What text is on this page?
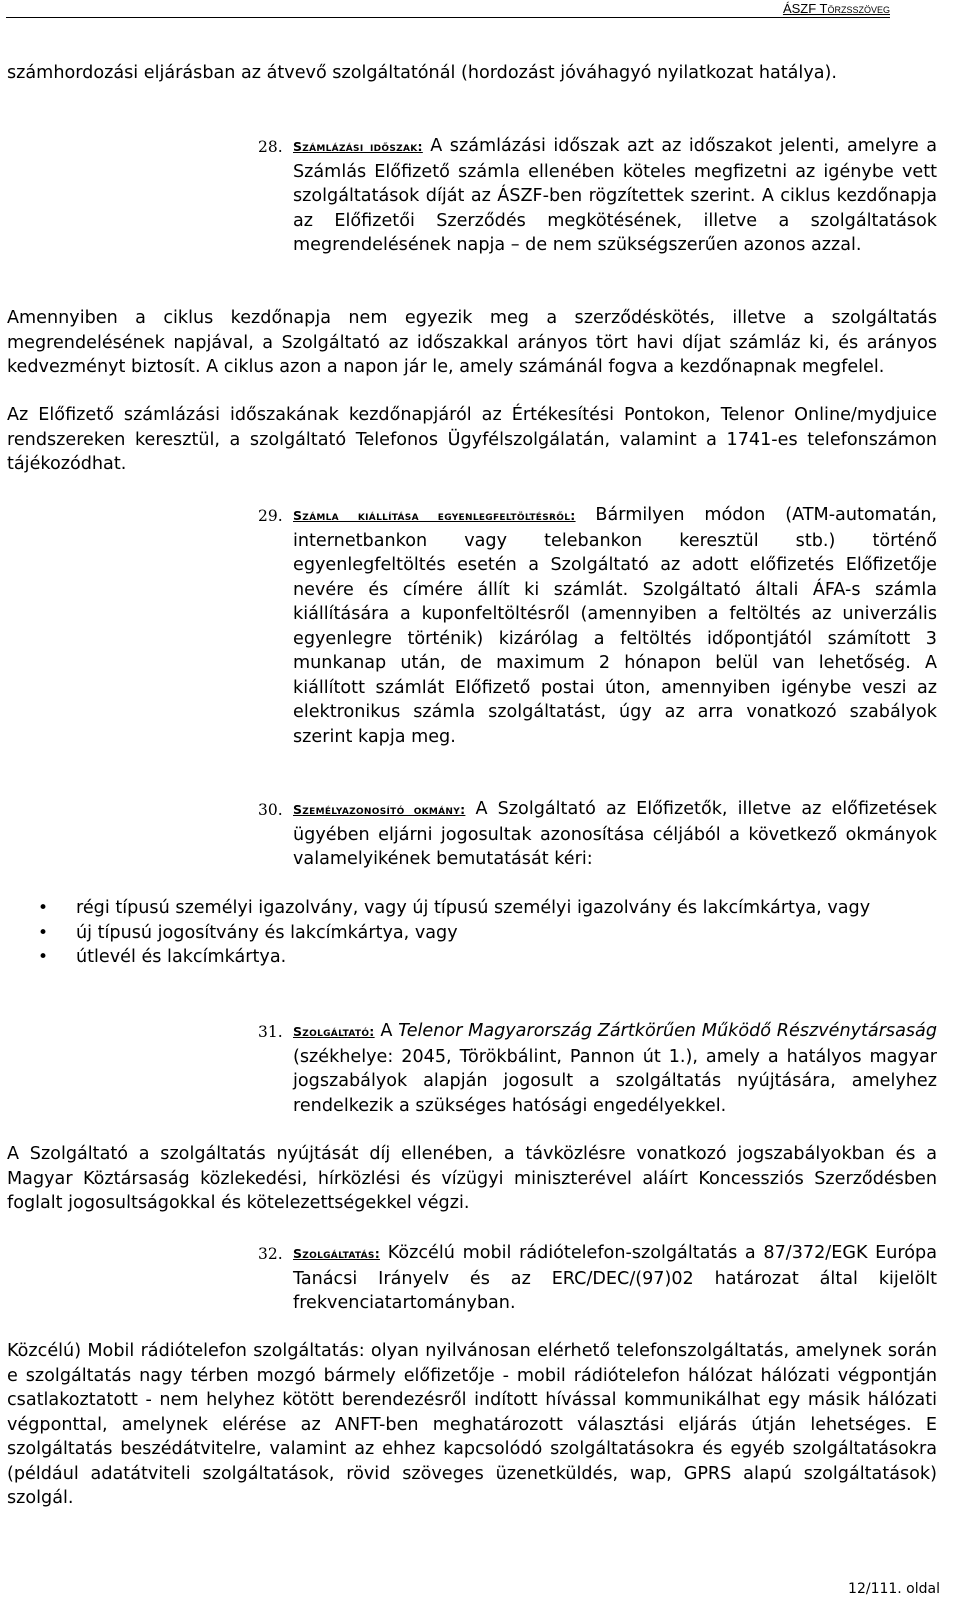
ÁSZF Törzsszöveg

számhordozási eljárásban az átvevő szolgáltatónál (hordozást jóváhagyó nyilatkozat hatálya).

28. Számlázási időszak: A számlázási időszak azt az időszakot jelenti, amelyre a Számlás Előfizető számla ellenében köteles megfizetni az igénybe vett szolgáltatások díját az ÁSZF-ben rögzítettek szerint. A ciklus kezdőnapja az Előfizetői Szerződés megkötésének, illetve a szolgáltatások megrendelésének napja – de nem szükségszerűen azonos azzal.

Amennyiben a ciklus kezdőnapja nem egyezik meg a szerződéskötés, illetve a szolgáltatás megrendelésének napjával, a Szolgáltató az időszakkal arányos tört havi díjat számláz ki, és arányos kedvezményt biztosít. A ciklus azon a napon jár le, amely számánál fogva a kezdőnapnak megfelel.

Az Előfizető számlázási időszakának kezdőnapjáról az Értékesítési Pontokon, Telenor Online/mydjuice rendszereken keresztül, a szolgáltató Telefonos Ügyfélszolgálatán, valamint a 1741-es telefonszámon tájékozódhat.

29. Számla kiállítása egyenlegfeltöltésről: Bármilyen módon (ATM-automatán, internetbankon vagy telebankon keresztül stb.) történő egyenlegfeltöltés esetén a Szolgáltató az adott előfizetés Előfizetője nevére és címére állít ki számlát. Szolgáltató általi ÁFA-s számla kiállítására a kuponfeltöltésről (amennyiben a feltöltés az univerzális egyenlegre történik) kizárólag a feltöltés időpontjától számított 3 munkanap után, de maximum 2 hónapon belül van lehetőség. A kiállított számlát Előfizető postai úton, amennyiben igénybe veszi az elektronikus számla szolgáltatást, úgy az arra vonatkozó szabályok szerint kapja meg.
30. Személyazonosító okmány: A Szolgáltató az Előfizetők, illetve az előfizetések ügyében eljárni jogosultak azonosítása céljából a következő okmányok valamelyikének bemutatását kéri:
• régi típusú személyi igazolvány, vagy új típusú személyi igazolvány és lakcímkártya, vagy
• új típusú jogosítvány és lakcímkártya, vagy
• útlevél és lakcímkártya.
31. Szolgáltató: A Telenor Magyarország Zártkörűen Működő Részvénytársaság (székhelye: 2045, Törökbálint, Pannon út 1.), amely a hatályos magyar jogszabályok alapján jogosult a szolgáltatás nyújtására, amelyhez rendelkezik a szükséges hatósági engedélyekkel.

A Szolgáltató a szolgáltatás nyújtását díj ellenében, a távközlésre vonatkozó jogszabályokban és a Magyar Köztársaság közlekedési, hírközlési és vízügyi miniszterével aláírt Koncessziós Szerződésben foglalt jogosultságokkal és kötelezettségekkel végzi.

32. Szolgáltatás: Közcélú mobil rádiótelefon-szolgáltatás a 87/372/EGK Európa Tanácsi Irányelv és az ERC/DEC/(97)02 határozat által kijelölt frekvenciatartományban.

Közcélú) Mobil rádiótelefon szolgáltatás: olyan nyilvánosan elérhető telefonszolgáltatás, amelynek során e szolgáltatás nagy térben mozgó bármely előfizetője - mobil rádiótelefon hálózat hálózati végpontján csatlakoztatott - nem helyhez kötött berendezésről indított hívással kommunikálhat egy másik hálózati végponttal, amelynek elérése az ANFT-ben meghatározott választási eljárás útján lehetséges. E szolgáltatás beszédátvitelre, valamint az ehhez kapcsolódó szolgáltatásokra és egyéb szolgáltatásokra (például adatátviteli szolgáltatások, rövid szöveges üzenetküldés, wap, GPRS alapú szolgáltatások) szolgál.

12/111. oldal
